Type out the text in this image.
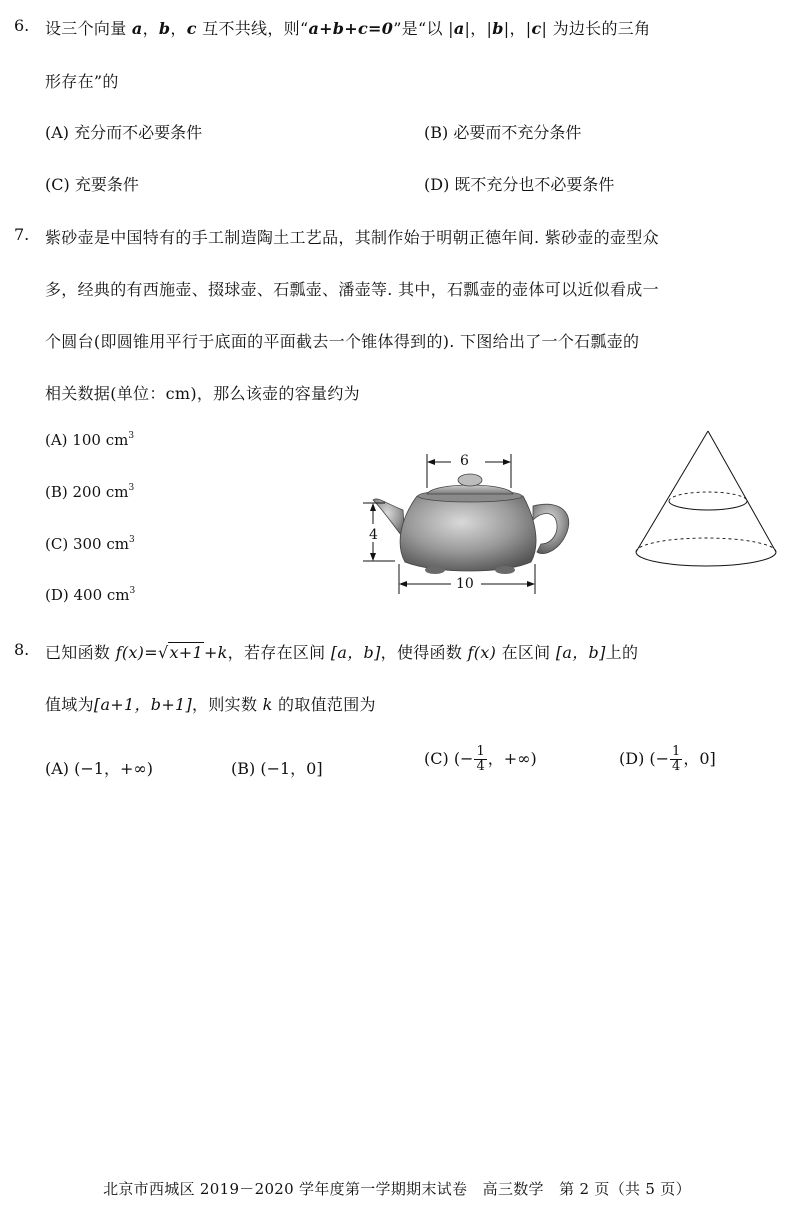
6. 设三个向量 a，b，c 互不共线，则“a+b+c=0”是“以 |a|，|b|，|c| 为边长的三角
形存在”的
(A) 充分而不必要条件	(B) 必要而不充分条件
(C) 充要条件	(D) 既不充分也不必要条件
7. 紫砂壶是中国特有的手工制造陶土工艺品，其制作始于明朝正德年间. 紫砂壶的壶型众
多，经典的有西施壶、掇球壶、石瓢壶、潘壶等. 其中，石瓢壶的壶体可以近似看成一
个圆台(即圆锥用平行于底面的平面截去一个锥体得到的). 下图给出了一个石瓢壶的
相关数据(单位：cm)，那么该壶的容量约为
(A) 100 $cm^3$
(B) 200 $cm^3$
(C) 300 $cm^3$
(D) 400 $cm^3$
6
4
10
8. 已知函数 f(x)=√x+1+k，若存在区间 [a，b]，使得函数 f(x) 在区间 [a，b]上的
值域为[a+1，b+1]，则实数 k 的取值范围为
(A) (−1，+∞)	(B) (−1，0]
(C) (− $\frac{1}{4}$ ，+∞)	(D) (− $\frac{1}{4}$ ，0]
北京市西城区 2019－2020 学年度第一学期期末试卷　高三数学　第 2 页（共 5 页）
